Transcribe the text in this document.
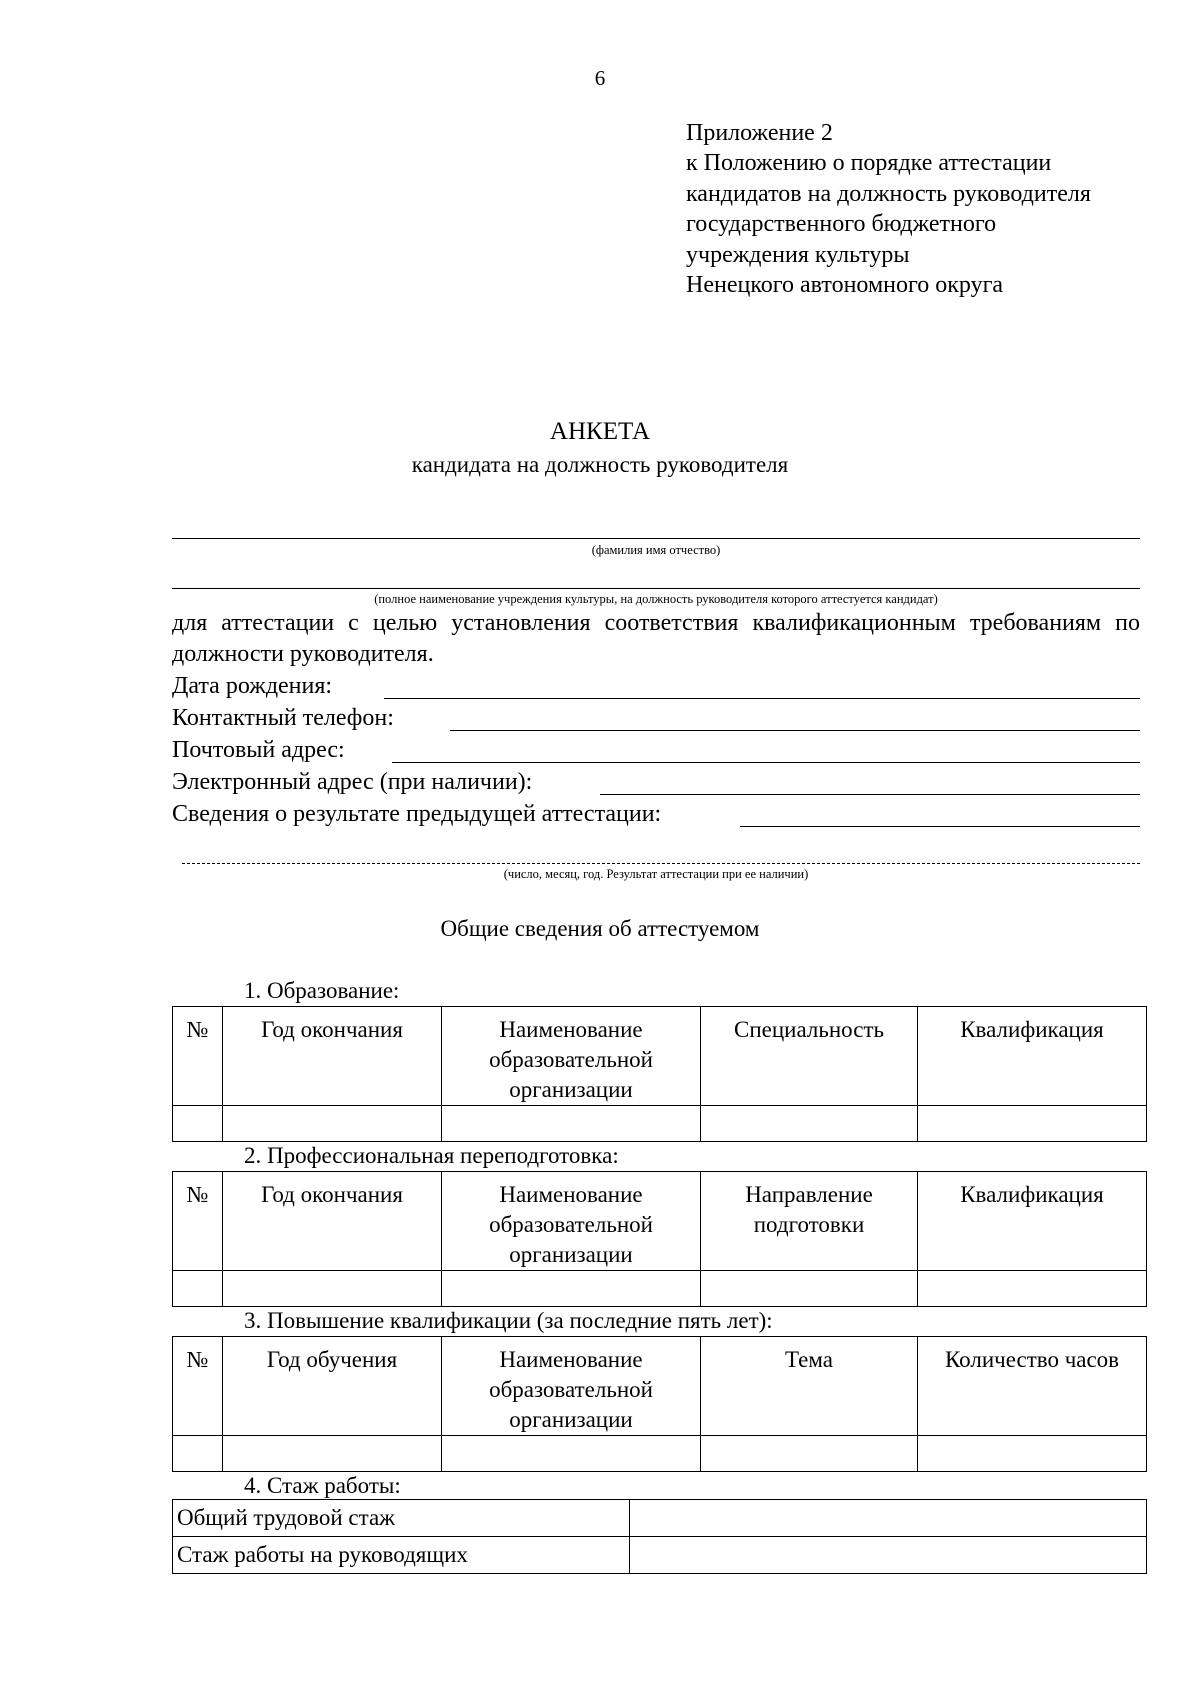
6
Приложение 2
к Положению о порядке аттестации
кандидатов на должность руководителя
государственного бюджетного
учреждения культуры
Ненецкого автономного округа
АНКЕТА
кандидата на должность руководителя
(фамилия имя отчество)
(полное наименование учреждения культуры, на должность руководителя которого аттестуется кандидат)
для аттестации с целью установления соответствия квалификационным требованиям по должности руководителя.
Дата рождения:
Контактный телефон:
Почтовый адрес:
Электронный адрес (при наличии):
Сведения о результате предыдущей аттестации:
(число, месяц, год. Результат аттестации при ее наличии)
Общие сведения об аттестуемом
1. Образование:
№	Год окончания	Наименование образовательной организации	Специальность	Квалификация

2. Профессиональная переподготовка:
№	Год окончания	Наименование образовательной организации	Направление подготовки	Квалификация

3. Повышение квалификации (за последние пять лет):
№	Год обучения	Наименование образовательной организации	Тема	Количество часов

4. Стаж работы:
Общий трудовой стаж	
Стаж работы на руководящих	
